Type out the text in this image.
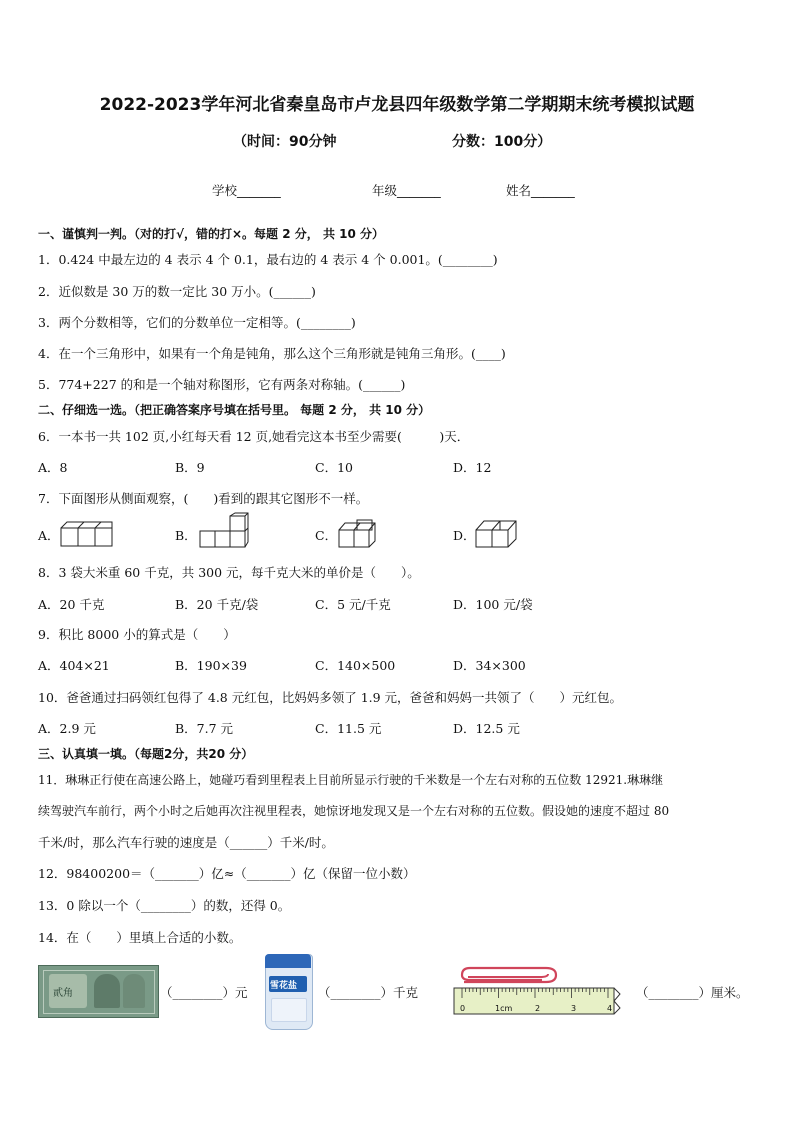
2022-2023学年河北省秦皇岛市卢龙县四年级数学第二学期期末统考模拟试题
（时间：90分钟	分数：100分）
学校_______	年级_______	姓名_______
一、谨慎判一判。（对的打√，错的打×。每题 2 分， 共 10 分）
1．0.424 中最左边的 4 表示 4 个 0.1，最右边的 4 表示 4 个 0.001。(________)
2．近似数是 30 万的数一定比 30 万小。(______)
3．两个分数相等，它们的分数单位一定相等。(________)
4．在一个三角形中，如果有一个角是钝角，那么这个三角形就是钝角三角形。(____)
5．774+227 的和是一个轴对称图形，它有两条对称轴。(______)
二、仔细选一选。（把正确答案序号填在括号里。 每题 2 分， 共 10 分）
6．一本书一共 102 页,小红每天看 12 页,她看完这本书至少需要(　　　)天．
A．8	B．9	C．10	D．12
7．下面图形从侧面观察，(　　)看到的跟其它图形不一样。
A．	B．	C．	D．
8．3 袋大米重 60 千克，共 300 元，每千克大米的单价是（　　）。
A．20 千克	B．20 千克/袋	C．5 元/千克	D．100 元/袋
9．积比 8000 小的算式是（　　）
A．404×21	B．190×39	C．140×500	D．34×300
10．爸爸通过扫码领红包得了 4.8 元红包，比妈妈多领了 1.9 元，爸爸和妈妈一共领了（　　）元红包。
A．2.9 元	B．7.7 元	C．11.5 元	D．12.5 元
三、认真填一填。（每题2分，共20 分）
11．琳琳正行使在高速公路上，她碰巧看到里程表上目前所显示行驶的千米数是一个左右对称的五位数 12921.琳琳继
续驾驶汽车前行，两个小时之后她再次注视里程表，她惊讶地发现又是一个左右对称的五位数。假设她的速度不超过 80
千米/时，那么汽车行驶的速度是（______）千米/时。
12．98400200＝（_______）亿≈（_______）亿（保留一位小数）
13．0 除以一个（________）的数，还得 0。
14．在（　　）里填上合适的小数。
貳角	（________）元 雪花盐 （________）千克
0	1cm	2	3	4
（________）厘米。
